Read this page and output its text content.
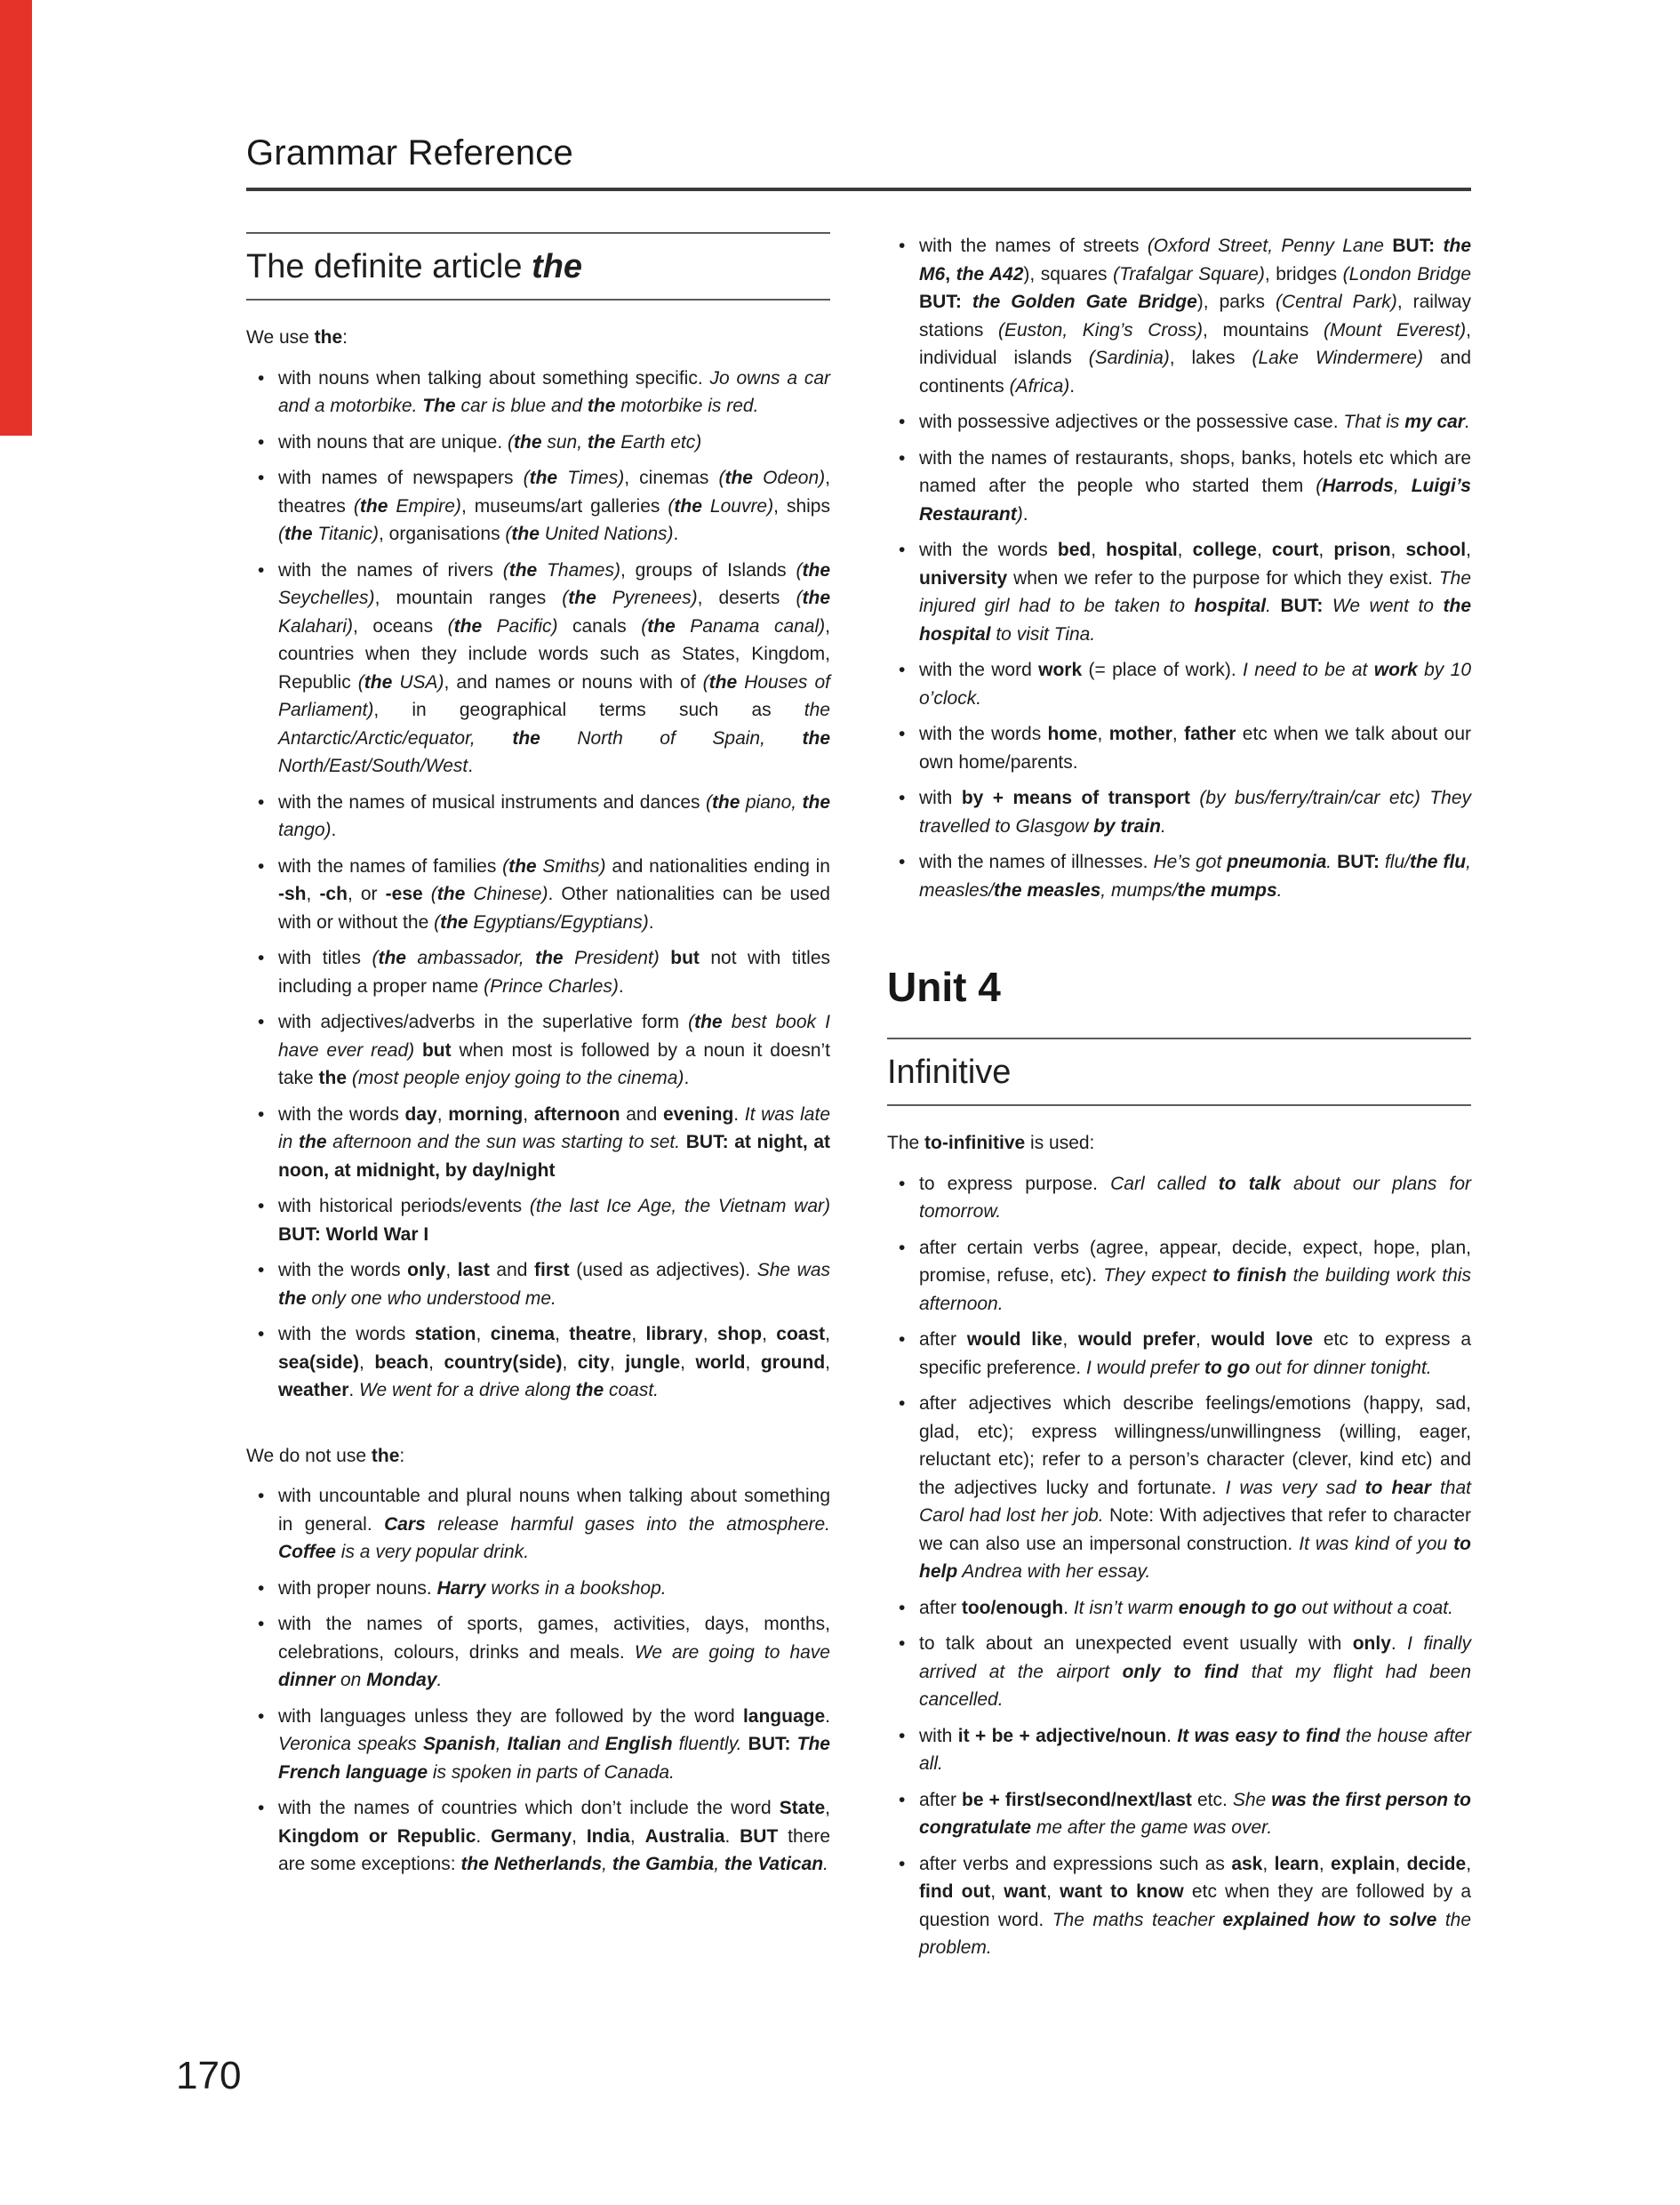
Grammar Reference
The definite article the

We use the:

• with nouns when talking about something specific. Jo owns a car and a motorbike. The car is blue and the motorbike is red.
• with nouns that are unique. (the sun, the Earth etc)
• with names of newspapers (the Times), cinemas (the Odeon), theatres (the Empire), museums/art galleries (the Louvre), ships (the Titanic), organisations (the United Nations).
• with the names of rivers (the Thames), groups of Islands (the Seychelles), mountain ranges (the Pyrenees), deserts (the Kalahari), oceans (the Pacific) canals (the Panama canal), countries when they include words such as States, Kingdom, Republic (the USA), and names or nouns with of (the Houses of Parliament), in geographical terms such as the Antarctic/Arctic/equator, the North of Spain, the North/East/South/West.
• with the names of musical instruments and dances (the piano, the tango).
• with the names of families (the Smiths) and nationalities ending in -sh, -ch, or -ese (the Chinese). Other nationalities can be used with or without the (the Egyptians/Egyptians).
• with titles (the ambassador, the President) but not with titles including a proper name (Prince Charles).
• with adjectives/adverbs in the superlative form (the best book I have ever read) but when most is followed by a noun it doesn’t take the (most people enjoy going to the cinema).
• with the words day, morning, afternoon and evening. It was late in the afternoon and the sun was starting to set. BUT: at night, at noon, at midnight, by day/night
• with historical periods/events (the last Ice Age, the Vietnam war) BUT: World War I
• with the words only, last and first (used as adjectives). She was the only one who understood me.
• with the words station, cinema, theatre, library, shop, coast, sea(side), beach, country(side), city, jungle, world, ground, weather. We went for a drive along the coast.

We do not use the:

• with uncountable and plural nouns when talking about something in general. Cars release harmful gases into the atmosphere. Coffee is a very popular drink.
• with proper nouns. Harry works in a bookshop.
• with the names of sports, games, activities, days, months, celebrations, colours, drinks and meals. We are going to have dinner on Monday.
• with languages unless they are followed by the word language. Veronica speaks Spanish, Italian and English fluently. BUT: The French language is spoken in parts of Canada.
• with the names of countries which don’t include the word State, Kingdom or Republic. Germany, India, Australia. BUT there are some exceptions: the Netherlands, the Gambia, the Vatican.
• with the names of streets (Oxford Street, Penny Lane BUT: the M6, the A42), squares (Trafalgar Square), bridges (London Bridge BUT: the Golden Gate Bridge), parks (Central Park), railway stations (Euston, King’s Cross), mountains (Mount Everest), individual islands (Sardinia), lakes (Lake Windermere) and continents (Africa).
• with possessive adjectives or the possessive case. That is my car.
• with the names of restaurants, shops, banks, hotels etc which are named after the people who started them (Harrods, Luigi’s Restaurant).
• with the words bed, hospital, college, court, prison, school, university when we refer to the purpose for which they exist. The injured girl had to be taken to hospital. BUT: We went to the hospital to visit Tina.
• with the word work (= place of work). I need to be at work by 10 o’clock.
• with the words home, mother, father etc when we talk about our own home/parents.
• with by + means of transport (by bus/ferry/train/car etc) They travelled to Glasgow by train.
• with the names of illnesses. He’s got pneumonia. BUT: flu/the flu, measles/the measles, mumps/the mumps.
Unit 4
Infinitive

The to-infinitive is used:

• to express purpose. Carl called to talk about our plans for tomorrow.
• after certain verbs (agree, appear, decide, expect, hope, plan, promise, refuse, etc). They expect to finish the building work this afternoon.
• after would like, would prefer, would love etc to express a specific preference. I would prefer to go out for dinner tonight.
• after adjectives which describe feelings/emotions (happy, sad, glad, etc); express willingness/unwillingness (willing, eager, reluctant etc); refer to a person’s character (clever, kind etc) and the adjectives lucky and fortunate. I was very sad to hear that Carol had lost her job. Note: With adjectives that refer to character we can also use an impersonal construction. It was kind of you to help Andrea with her essay.
• after too/enough. It isn’t warm enough to go out without a coat.
• to talk about an unexpected event usually with only. I finally arrived at the airport only to find that my flight had been cancelled.
• with it + be + adjective/noun. It was easy to find the house after all.
• after be + first/second/next/last etc. She was the first person to congratulate me after the game was over.
• after verbs and expressions such as ask, learn, explain, decide, find out, want, want to know etc when they are followed by a question word. The maths teacher explained how to solve the problem.
170
